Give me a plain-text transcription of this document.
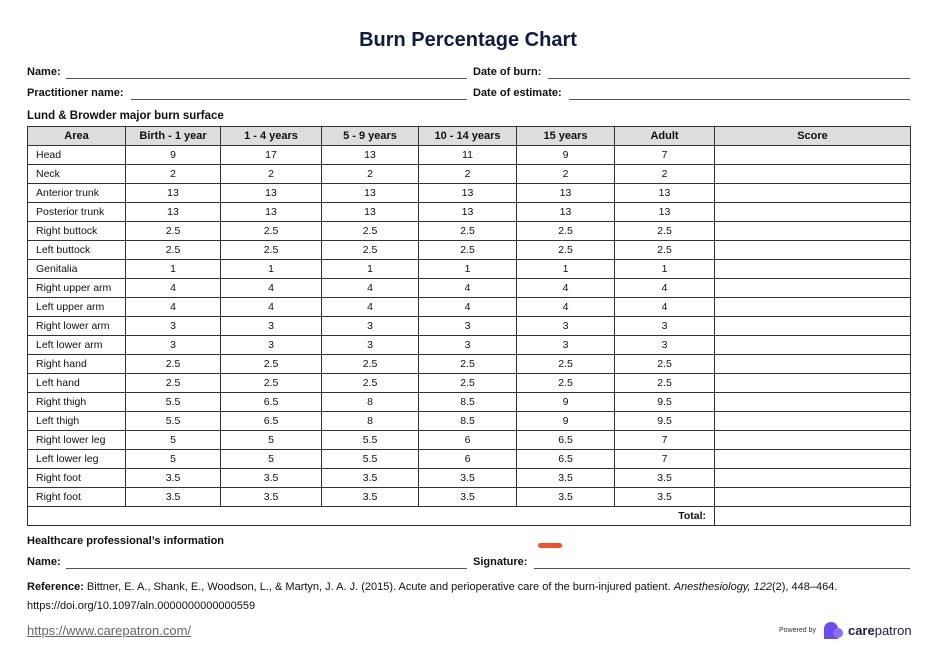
Burn Percentage Chart
Name:	Date of burn:
Practitioner name:	Date of estimate:
Lund & Browder major burn surface
Area	Birth - 1 year	1 - 4 years	5 - 9 years	10 - 14 years	15 years	Adult	Score
Head	9	17	13	11	9	7	
Neck	2	2	2	2	2	2	
Anterior trunk	13	13	13	13	13	13	
Posterior trunk	13	13	13	13	13	13	
Right buttock	2.5	2.5	2.5	2.5	2.5	2.5	
Left buttock	2.5	2.5	2.5	2.5	2.5	2.5	
Genitalia	1	1	1	1	1	1	
Right upper arm	4	4	4	4	4	4	
Left upper arm	4	4	4	4	4	4	
Right lower arm	3	3	3	3	3	3	
Left lower arm	3	3	3	3	3	3	
Right hand	2.5	2.5	2.5	2.5	2.5	2.5	
Left hand	2.5	2.5	2.5	2.5	2.5	2.5	
Right thigh	5.5	6.5	8	8.5	9	9.5	
Left thigh	5.5	6.5	8	8.5	9	9.5	
Right lower leg	5	5	5.5	6	6.5	7	
Left lower leg	5	5	5.5	6	6.5	7	
Right foot	3.5	3.5	3.5	3.5	3.5	3.5	
Right foot	3.5	3.5	3.5	3.5	3.5	3.5	
Total:							
Healthcare professional’s information
Name:	Signature:
Reference: Bittner, E. A., Shank, E., Woodson, L., & Martyn, J. A. J. (2015). Acute and perioperative care of the burn-injured patient. Anesthesiology, 122(2), 448–464.
https://doi.org/10.1097/aln.0000000000000559
https://www.carepatron.com/	Powered by carepatron
